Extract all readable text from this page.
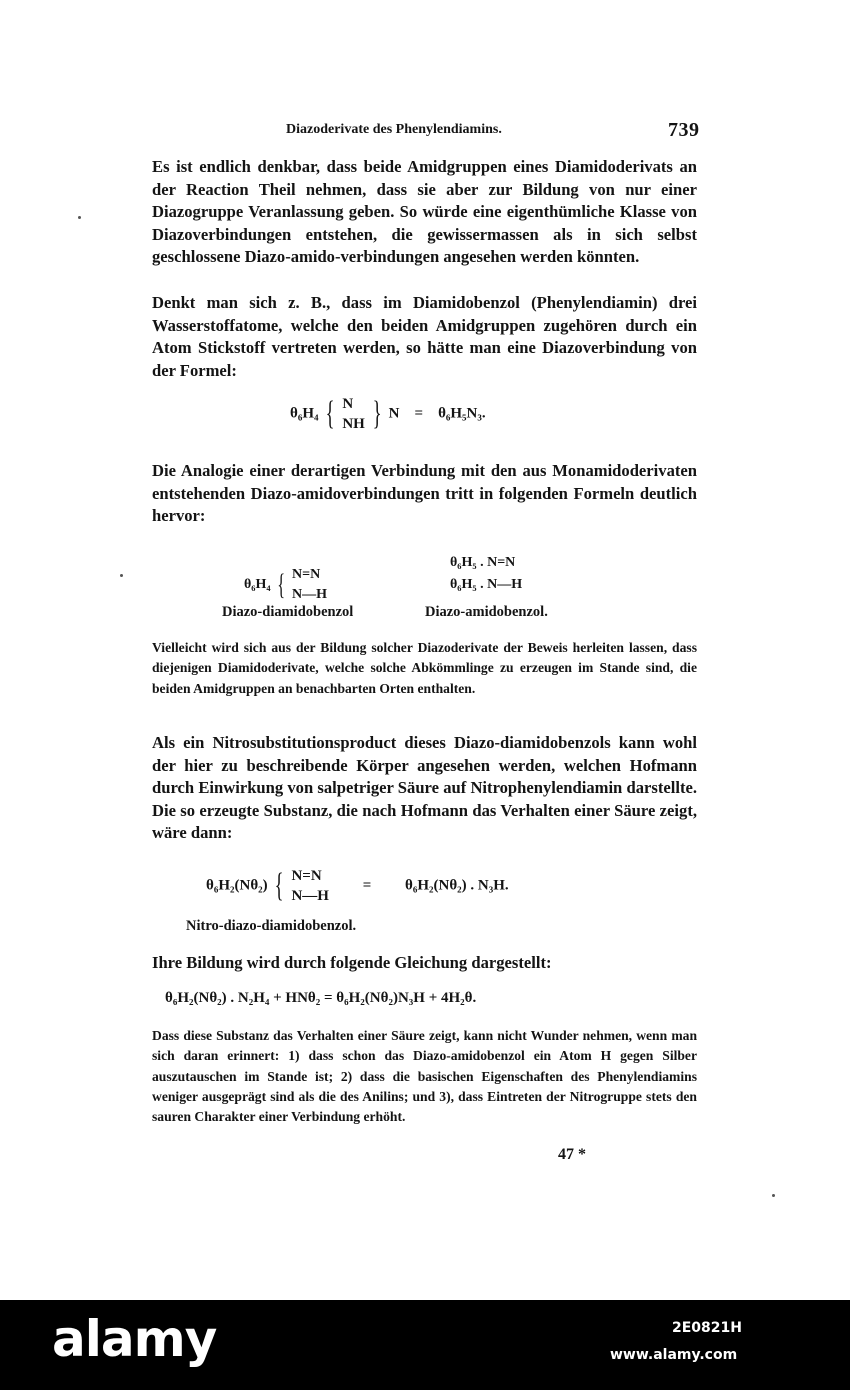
Diazoderivate des Phenylendiamins.	739

Es ist endlich denkbar, dass beide Amidgruppen eines Diamidoderivats an der Reaction Theil nehmen, dass sie aber zur Bildung von nur einer Diazogruppe Veranlassung geben. So würde eine eigenthümliche Klasse von Diazoverbindungen entstehen, die gewissermassen als in sich selbst geschlossene Diazo-amido-verbindungen angesehen werden könnten.

Denkt man sich z. B., dass im Diamidobenzol (Phenylendiamin) drei Wasserstoffatome, welche den beiden Amidgruppen zugehören durch ein Atom Stickstoff vertreten werden, so hätte man eine Diazoverbindung von der Formel:

θ₆H₄ { N
NH } N = θ₆H₅N₃.

Die Analogie einer derartigen Verbindung mit den aus Monamidoderivaten entstehenden Diazo-amidoverbindungen tritt in folgenden Formeln deutlich hervor:

θ₆H₄ { N=N
N—H
θ₆H₅ . N=N
θ₆H₅ . N—H
Diazo-diamidobenzol	Diazo-amidobenzol.

Vielleicht wird sich aus der Bildung solcher Diazoderivate der Beweis herleiten lassen, dass diejenigen Diamidoderivate, welche solche Abkömmlinge zu erzeugen im Stande sind, die beiden Amidgruppen an benachbarten Orten enthalten.

Als ein Nitrosubstitutionsproduct dieses Diazo-diamidobenzols kann wohl der hier zu beschreibende Körper angesehen werden, welchen Hofmann durch Einwirkung von salpetriger Säure auf Nitrophenylendiamin darstellte. Die so erzeugte Substanz, die nach Hofmann das Verhalten einer Säure zeigt, wäre dann:

θ₆H₂(Nθ₂) { N=N
N—H         = θ₆H₂(Nθ₂) . N₃H.
Nitro-diazo-diamidobenzol.

Ihre Bildung wird durch folgende Gleichung dargestellt:

θ₆H₂(Nθ₂) . N₂H₄ + HNθ₂ = θ₆H₂(Nθ₂)N₃H + 4H₂θ.

Dass diese Substanz das Verhalten einer Säure zeigt, kann nicht Wunder nehmen, wenn man sich daran erinnert: 1) dass schon das Diazo-amidobenzol ein Atom H gegen Silber auszutauschen im Stande ist; 2) dass die basischen Eigenschaften des Phenylendiamins weniger ausgeprägt sind als die des Anilins; und 3), dass Eintreten der Nitrogruppe stets den sauren Charakter einer Verbindung erhöht.

47 *
alamy	2E0821H
www.alamy.com
